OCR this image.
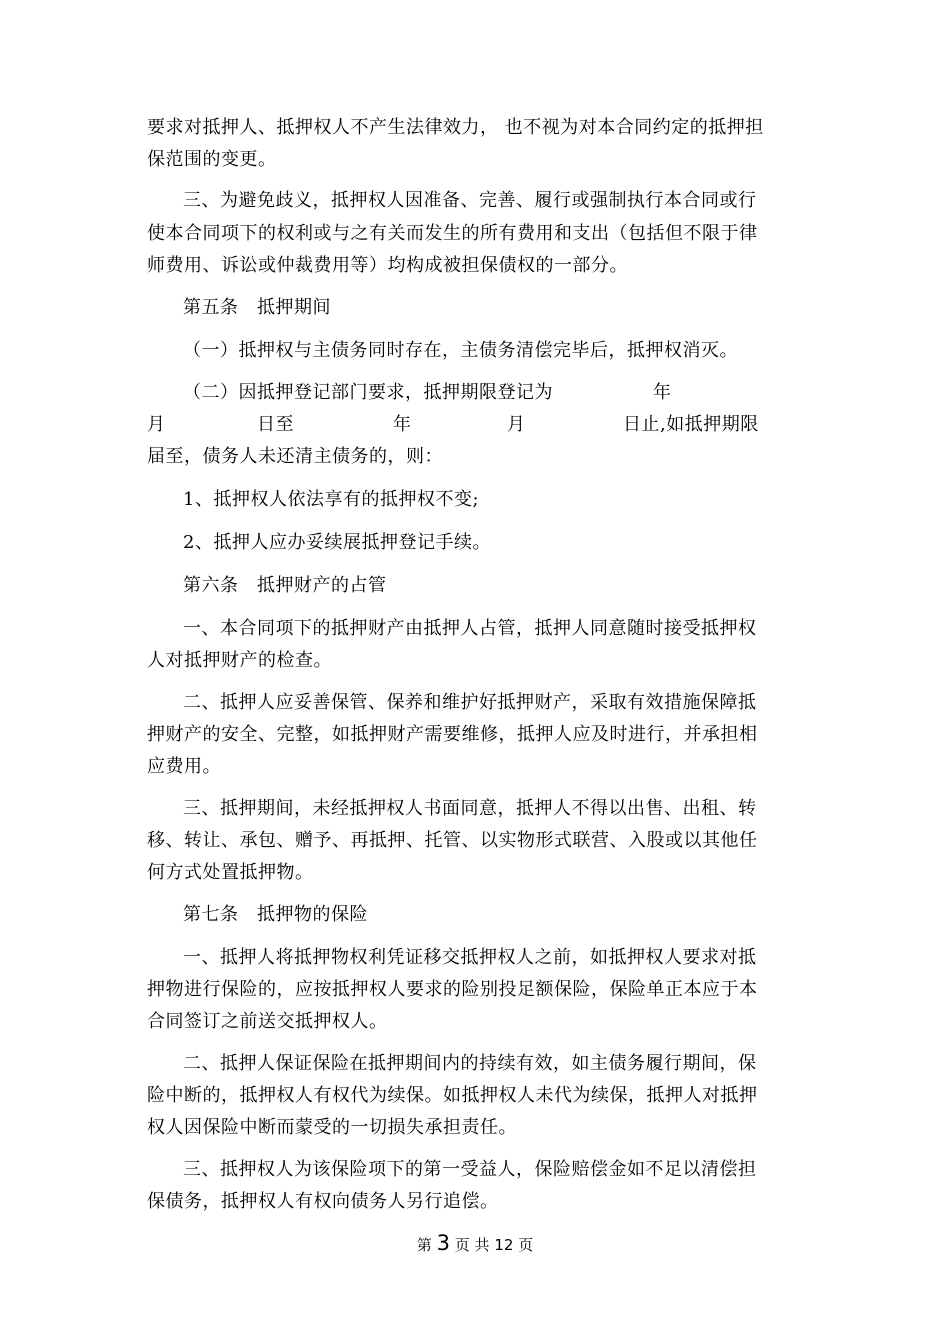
要求对抵押人、抵押权人不产生法律效力， 也不视为对本合同约定的抵押担
保范围的变更。
三、为避免歧义，抵押权人因准备、完善、履行或强制执行本合同或行
使本合同项下的权利或与之有关而发生的所有费用和支出（包括但不限于律
师费用、诉讼或仲裁费用等）均构成被担保债权的一部分。
第五条　抵押期间
（一）抵押权与主债务同时存在，主债务清偿完毕后，抵押权消灭。
（二）因抵押登记部门要求，抵押期限登记为	年
月	日至	年	月	日止,如抵押期限
届至，债务人未还清主债务的，则：
1、抵押权人依法享有的抵押权不变;
2、抵押人应办妥续展抵押登记手续。
第六条　抵押财产的占管
一、本合同项下的抵押财产由抵押人占管，抵押人同意随时接受抵押权
人对抵押财产的检查。
二、抵押人应妥善保管、保养和维护好抵押财产，采取有效措施保障抵
押财产的安全、完整，如抵押财产需要维修，抵押人应及时进行，并承担相
应费用。
三、抵押期间，未经抵押权人书面同意，抵押人不得以出售、出租、转
移、转让、承包、赠予、再抵押、托管、以实物形式联营、入股或以其他任
何方式处置抵押物。
第七条　抵押物的保险
一、抵押人将抵押物权利凭证移交抵押权人之前，如抵押权人要求对抵
押物进行保险的，应按抵押权人要求的险别投足额保险，保险单正本应于本
合同签订之前送交抵押权人。
二、抵押人保证保险在抵押期间内的持续有效，如主债务履行期间，保
险中断的，抵押权人有权代为续保。如抵押权人未代为续保，抵押人对抵押
权人因保险中断而蒙受的一切损失承担责任。
三、抵押权人为该保险项下的第一受益人，保险赔偿金如不足以清偿担
保债务，抵押权人有权向债务人另行追偿。
第 3 页 共 12 页
